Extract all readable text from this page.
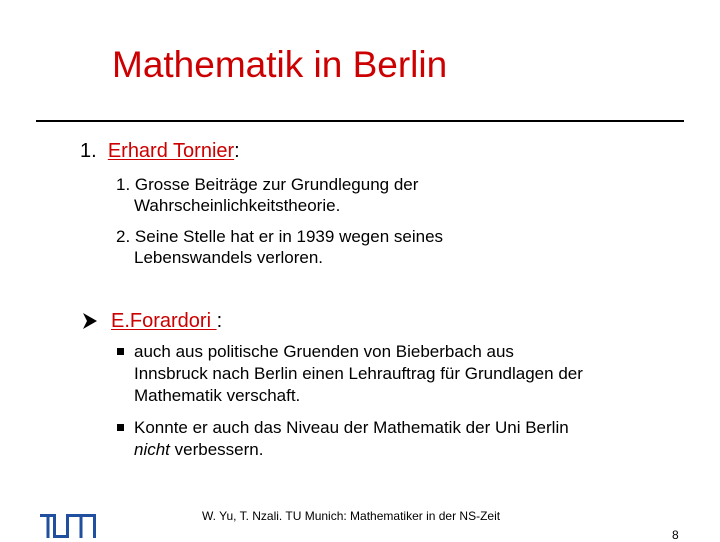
Mathematik in Berlin
1. Erhard Tornier:
1. Grosse Beiträge zur Grundlegung der
Wahrscheinlichkeitstheorie.
2. Seine Stelle hat er in 1939 wegen seines
Lebenswandels verloren.
E.Forardori :
auch aus politische Gruenden von Bieberbach aus
Innsbruck nach Berlin einen Lehrauftrag für Grundlagen der
Mathematik verschaft.
Konnte er auch das Niveau der Mathematik der Uni Berlin
nicht verbessern.
W. Yu, T. Nzali. TU Munich: Mathematiker in der NS-Zeit
8
